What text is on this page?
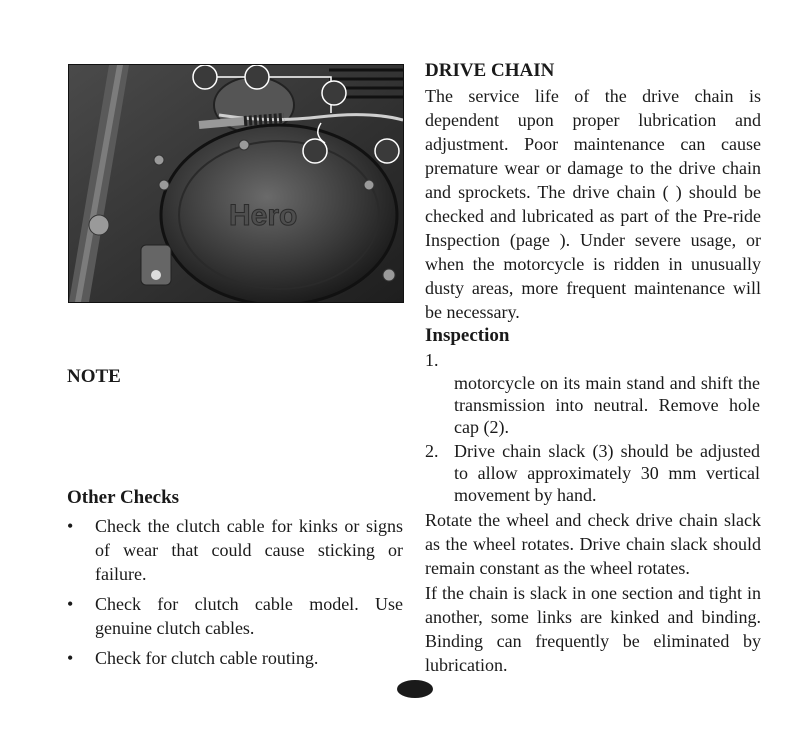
Hero
NOTE
Other Checks
• Check the clutch cable for kinks or signs of wear that could cause sticking or failure.
• Check for clutch cable model. Use genuine clutch cables.
• Check for clutch cable routing.
DRIVE CHAIN

The service life of the drive chain is dependent upon proper lubrication and adjustment. Poor maintenance can cause premature wear or damage to the drive chain and sprockets. The drive chain ( ) should be checked and lubricated as part of the Pre-ride Inspection (page ). Under severe usage, or when the motorcycle is ridden in unusually dusty areas, more frequent maintenance will be necessary.

Inspection
1.
motorcycle on its main stand and shift the transmission into neutral. Remove hole cap (2).
2. Drive chain slack (3) should be adjusted to allow approximately 30 mm vertical movement by hand.

Rotate the wheel and check drive chain slack as the wheel rotates. Drive chain slack should remain constant as the wheel rotates.

If the chain is slack in one section and tight in another, some links are kinked and binding. Binding can frequently be eliminated by lubrication.
